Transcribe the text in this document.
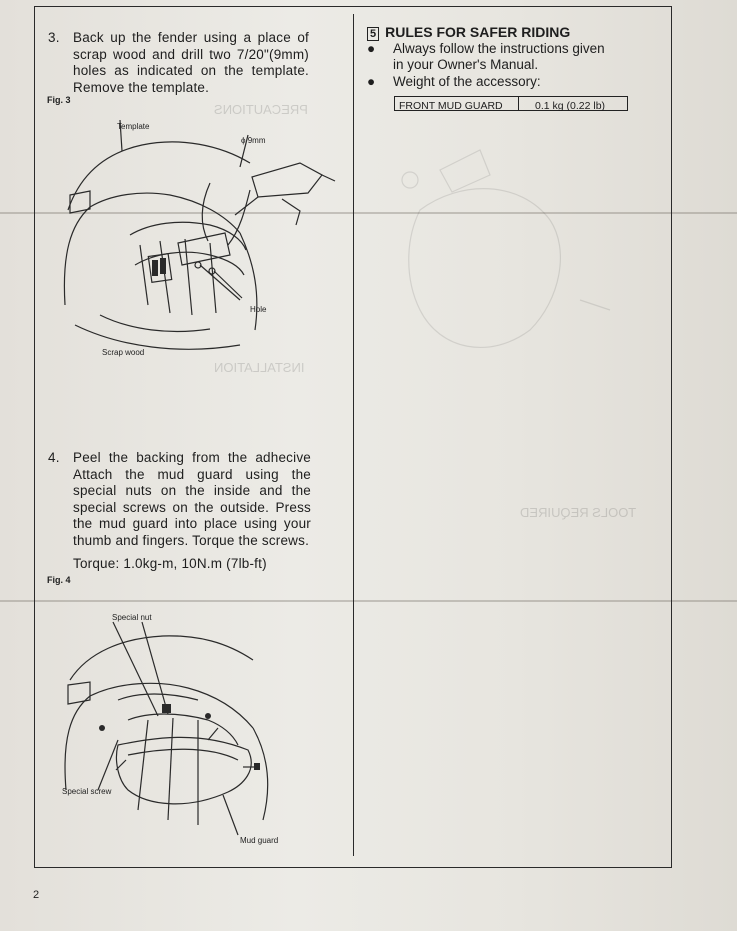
PRECAUTIONS
INSTALLATION
TOOLS REQUIRED
3. Back up the fender using a place of scrap wood and drill two 7/20"(9mm) holes as indicated on the template. Remove the template.
Fig. 3
Template
ϕ 9mm
Hole
Scrap wood
4. Peel the backing from the adhecive Attach the mud guard using the special nuts on the inside and the special screws on the outside. Press the mud guard into place using your thumb and fingers. Torque the screws.
Torque: 1.0kg-m, 10N.m (7lb-ft)
Fig. 4
Special nut
Special screw
Mud guard
5 RULES FOR SAFER RIDING
● Always follow the instructions given
in your Owner's Manual.
● Weight of the accessory:
FRONT MUD GUARD	0.1 kg (0.22 lb)
2
